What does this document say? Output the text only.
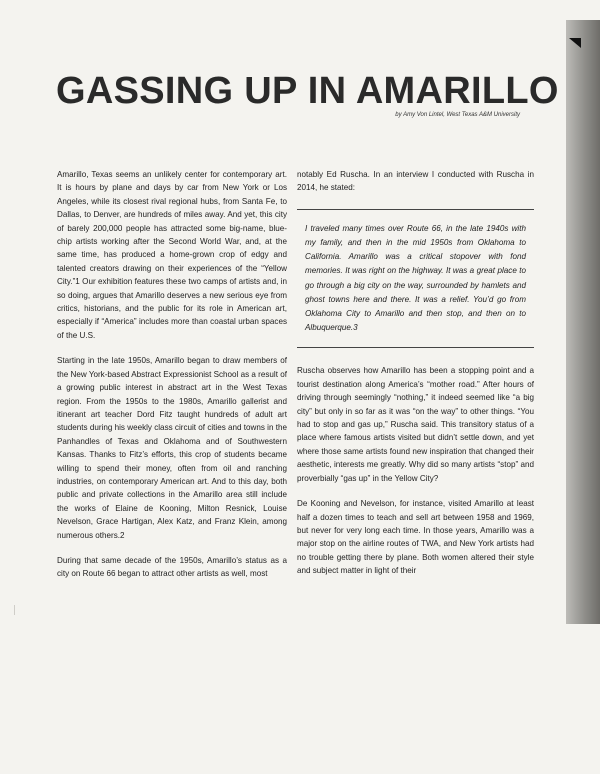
GASSING UP IN AMARILLO
by Amy Von Lintel, West Texas A&M University

Amarillo, Texas seems an unlikely center for contemporary art. It is hours by plane and days by car from New York or Los Angeles, while its closest rival regional hubs, from Santa Fe, to Dallas, to Denver, are hundreds of miles away. And yet, this city of barely 200,000 people has attracted some big-name, blue-chip artists working after the Second World War, and, at the same time, has produced a home-grown crop of edgy and talented creators drawing on their experiences of the “Yellow City.”1 Our exhibition features these two camps of artists and, in so doing, argues that Amarillo deserves a new serious eye from critics, historians, and the public for its role in American art, especially if “America” includes more than coastal urban spaces of the U.S.

Starting in the late 1950s, Amarillo began to draw members of the New York-based Abstract Expressionist School as a result of a growing public interest in abstract art in the West Texas region. From the 1950s to the 1980s, Amarillo gallerist and itinerant art teacher Dord Fitz taught hundreds of adult art students during his weekly class circuit of cities and towns in the Panhandles of Texas and Oklahoma and of Southwestern Kansas. Thanks to Fitz’s efforts, this crop of students became willing to spend their money, often from oil and ranching industries, on contemporary American art. And to this day, both public and private collections in the Amarillo area still include the works of Elaine de Kooning, Milton Resnick, Louise Nevelson, Grace Hartigan, Alex Katz, and Franz Klein, among numerous others.2

During that same decade of the 1950s, Amarillo’s status as a city on Route 66 began to attract other artists as well, most

notably Ed Ruscha. In an interview I conducted with Ruscha in 2014, he stated:

I traveled many times over Route 66, in the late 1940s with my family, and then in the mid 1950s from Oklahoma to California. Amarillo was a critical stopover with fond memories. It was right on the highway. It was a great place to go through a big city on the way, surrounded by hamlets and ghost towns here and there. It was a relief. You’d go from Oklahoma City to Amarillo and then stop, and then on to Albuquerque.3

Ruscha observes how Amarillo has been a stopping point and a tourist destination along America’s “mother road.” After hours of driving through seemingly “nothing,” it indeed seemed like “a big city” but only in so far as it was “on the way” to other things. “You had to stop and gas up,” Ruscha said. This transitory status of a place where famous artists visited but didn’t settle down, and yet where those same artists found new inspiration that changed their aesthetic, interests me greatly. Why did so many artists “stop” and proverbially “gas up” in the Yellow City?

De Kooning and Nevelson, for instance, visited Amarillo at least half a dozen times to teach and sell art between 1958 and 1969, but never for very long each time. In those years, Amarillo was a major stop on the airline routes of TWA, and New York artists had no trouble getting there by plane. Both women altered their style and subject matter in light of their
